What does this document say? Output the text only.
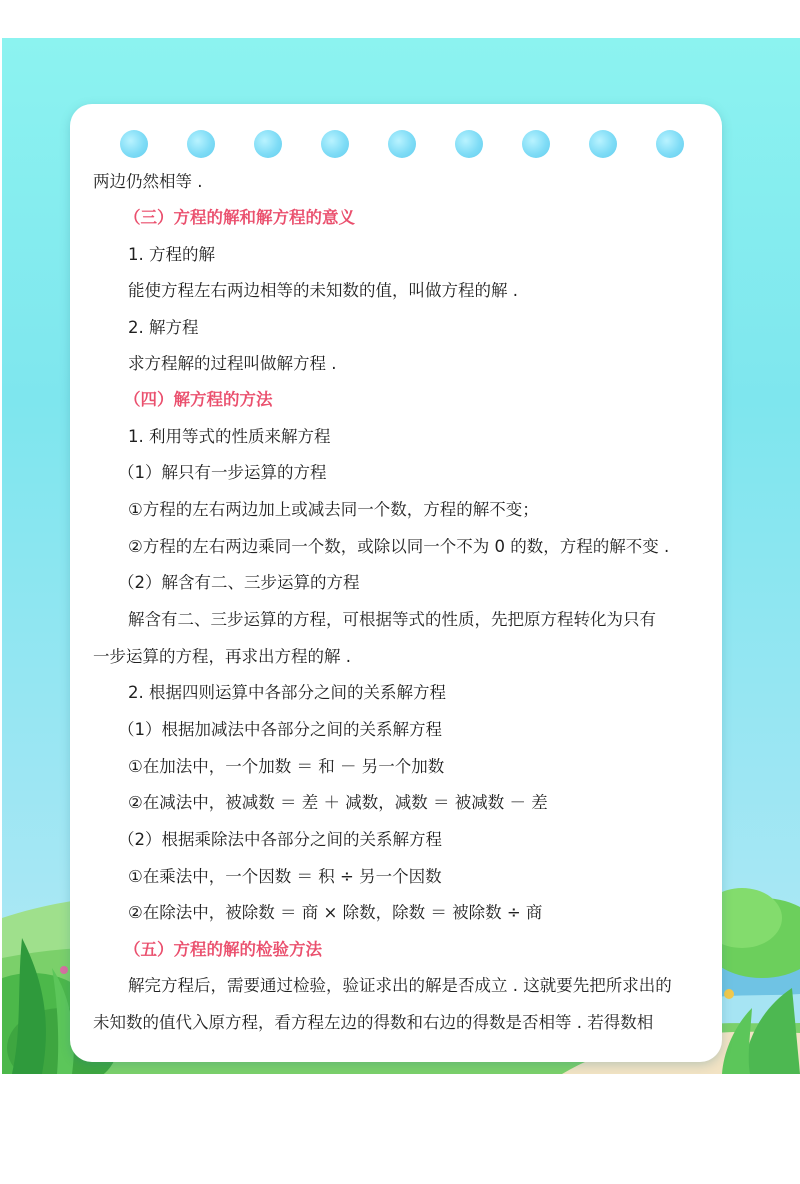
两边仍然相等 .
（三）方程的解和解方程的意义
1. 方程的解
能使方程左右两边相等的未知数的值，叫做方程的解 .
2. 解方程
求方程解的过程叫做解方程 .
（四）解方程的方法
1. 利用等式的性质来解方程
（1）解只有一步运算的方程
①方程的左右两边加上或减去同一个数，方程的解不变；
②方程的左右两边乘同一个数，或除以同一个不为 0 的数，方程的解不变 .
（2）解含有二、三步运算的方程
解含有二、三步运算的方程，可根据等式的性质，先把原方程转化为只有
一步运算的方程，再求出方程的解 .
2. 根据四则运算中各部分之间的关系解方程
（1）根据加减法中各部分之间的关系解方程
①在加法中，一个加数 ＝ 和 － 另一个加数
②在减法中，被减数 ＝ 差 ＋ 减数，减数 ＝ 被减数 － 差
（2）根据乘除法中各部分之间的关系解方程
①在乘法中，一个因数 ＝ 积 ÷ 另一个因数
②在除法中，被除数 ＝ 商 × 除数，除数 ＝ 被除数 ÷ 商
（五）方程的解的检验方法
解完方程后，需要通过检验，验证求出的解是否成立 . 这就要先把所求出的
未知数的值代入原方程，看方程左边的得数和右边的得数是否相等 . 若得数相
